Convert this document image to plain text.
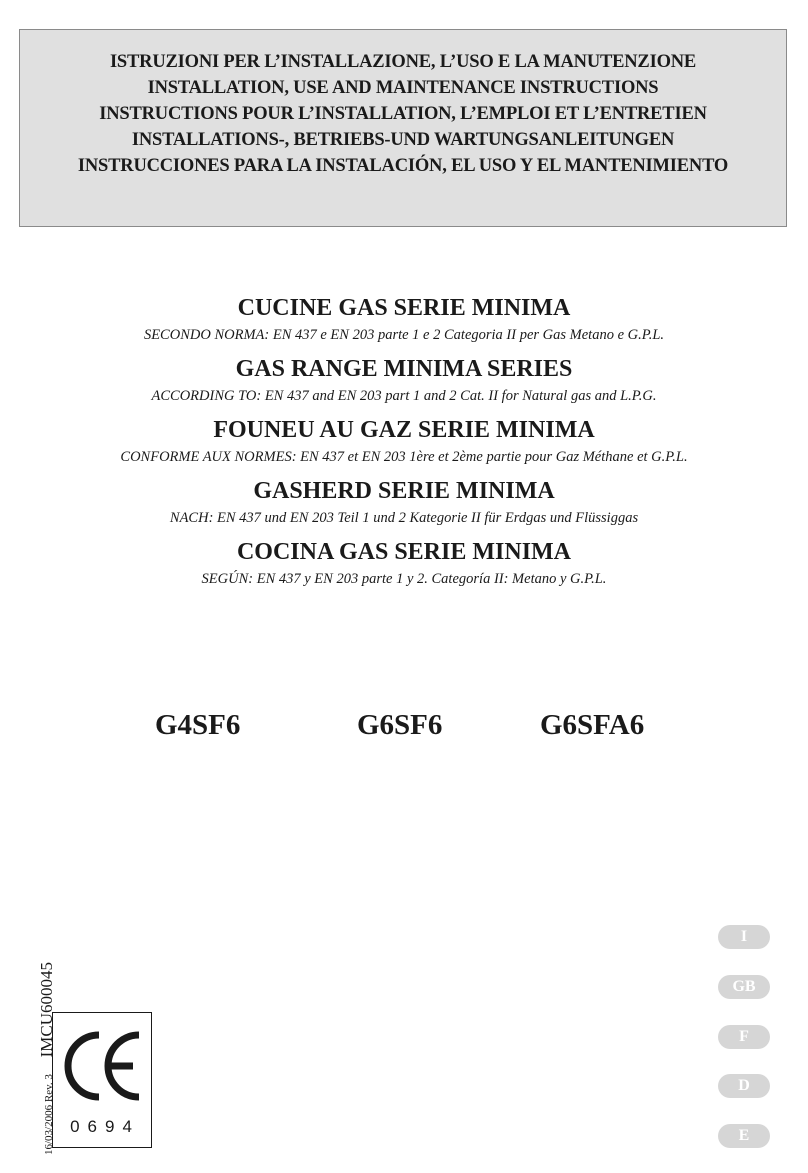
ISTRUZIONI PER L’INSTALLAZIONE, L’USO E LA MANUTENZIONE
INSTALLATION, USE AND MAINTENANCE INSTRUCTIONS
INSTRUCTIONS POUR L’INSTALLATION, L’EMPLOI ET L’ENTRETIEN
INSTALLATIONS-, BETRIEBS-UND WARTUNGSANLEITUNGEN
INSTRUCCIONES PARA LA INSTALACIÓN, EL USO Y EL MANTENIMIENTO
CUCINE GAS SERIE MINIMA
SECONDO NORMA: EN 437 e EN 203 parte 1 e 2 Categoria II per Gas Metano e G.P.L.
GAS RANGE MINIMA SERIES
ACCORDING TO: EN 437 and EN 203 part 1 and 2 Cat. II for Natural gas and L.P.G.
FOUNEU AU GAZ SERIE MINIMA
CONFORME AUX NORMES: EN 437 et EN 203 1ère et 2ème partie pour Gaz Méthane et G.P.L.
GASHERD SERIE MINIMA
NACH: EN 437 und EN 203 Teil 1 und 2 Kategorie II für Erdgas und Flüssiggas
COCINA GAS SERIE MINIMA
SEGÚN: EN 437 y EN 203 parte 1 y 2. Categoría II: Metano y G.P.L.
G4SF6	G6SF6	G6SFA6
16/03/2006 Rev. 3 IMCU600045
0694
I
GB
F
D
E
